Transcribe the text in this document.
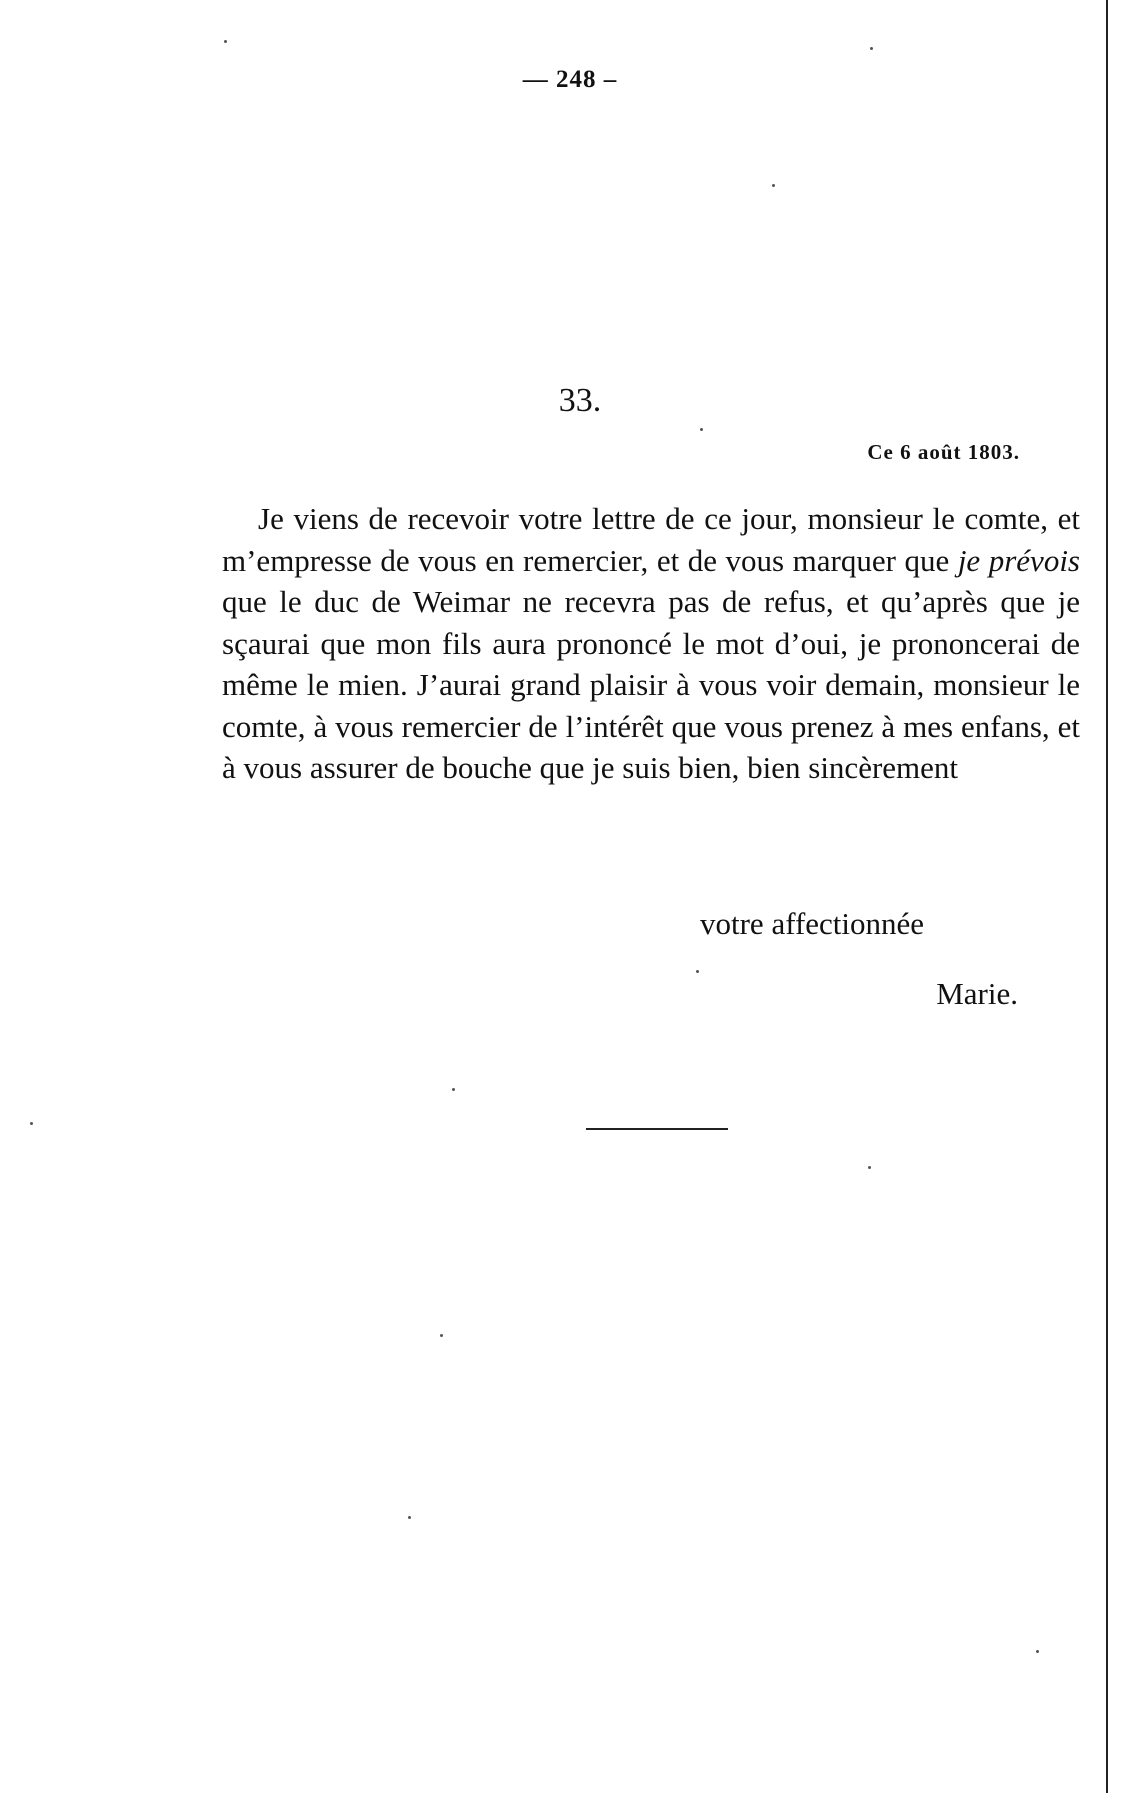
— 248 –
33.
Ce 6 août 1803.

Je viens de recevoir votre lettre de ce jour, monsieur le comte, et m’empresse de vous en remercier, et de vous marquer que je prévois que le duc de Weimar ne recevra pas de refus, et qu’après que je sçaurai que mon fils aura prononcé le mot d’oui, je prononcerai de même le mien. J’aurai grand plaisir à vous voir demain, monsieur le comte, à vous remercier de l’intérêt que vous prenez à mes enfans, et à vous assurer de bouche que je suis bien, bien sincèrement

votre affectionnée
Marie.
